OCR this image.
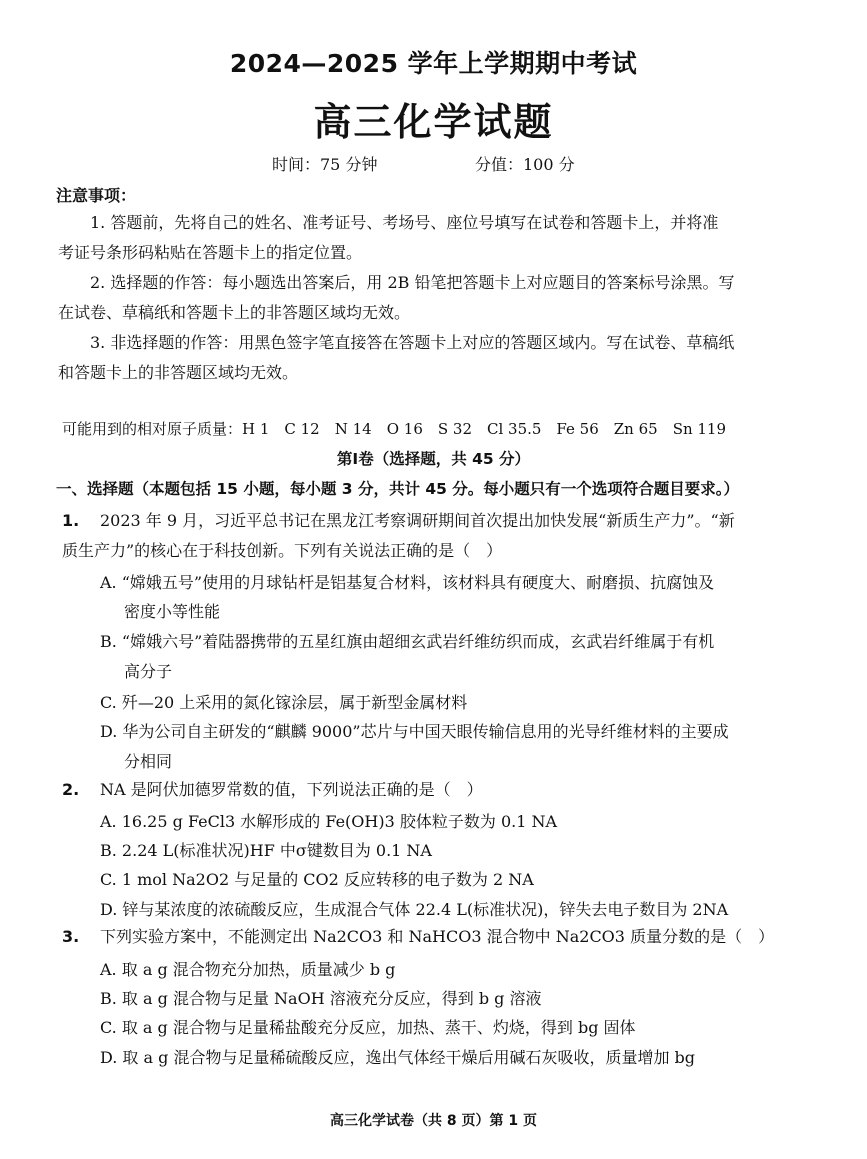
2024—2025 学年上学期期中考试
高三化学试题
时间：75 分钟	分值：100 分
注意事项：
1. 答题前，先将自己的姓名、准考证号、考场号、座位号填写在试卷和答题卡上，并将准
考证号条形码粘贴在答题卡上的指定位置。
2. 选择题的作答：每小题选出答案后，用 2B 铅笔把答题卡上对应题目的答案标号涂黑。写
在试卷、草稿纸和答题卡上的非答题区域均无效。
3. 非选择题的作答：用黑色签字笔直接答在答题卡上对应的答题区域内。写在试卷、草稿纸
和答题卡上的非答题区域均无效。
可能用到的相对原子质量：H 1　C 12　N 14　O 16　S 32　Cl 35.5　Fe 56　Zn 65　Sn 119
第Ⅰ卷（选择题，共 45 分）
一、选择题（本题包括 15 小题，每小题 3 分，共计 45 分。每小题只有一个选项符合题目要求。）
1. 2023 年 9 月，习近平总书记在黑龙江考察调研期间首次提出加快发展“新质生产力”。“新
质生产力”的核心在于科技创新。下列有关说法正确的是（　）
A. “嫦娥五号”使用的月球钻杆是铝基复合材料，该材料具有硬度大、耐磨损、抗腐蚀及
密度小等性能
B. “嫦娥六号”着陆器携带的五星红旗由超细玄武岩纤维纺织而成，玄武岩纤维属于有机
高分子
C. 歼—20 上采用的氮化镓涂层，属于新型金属材料
D. 华为公司自主研发的“麒麟 9000”芯片与中国天眼传输信息用的光导纤维材料的主要成
分相同
2. NA 是阿伏加德罗常数的值，下列说法正确的是（　）
A. 16.25 g FeCl3 水解形成的 Fe(OH)3 胶体粒子数为 0.1 NA
B. 2.24 L(标准状况)HF 中σ键数目为 0.1 NA
C. 1 mol Na2O2 与足量的 CO2 反应转移的电子数为 2 NA
D. 锌与某浓度的浓硫酸反应，生成混合气体 22.4 L(标准状况)，锌失去电子数目为 2NA
3. 下列实验方案中，不能测定出 Na2CO3 和 NaHCO3 混合物中 Na2CO3 质量分数的是（　）
A. 取 a g 混合物充分加热，质量减少 b g
B. 取 a g 混合物与足量 NaOH 溶液充分反应，得到 b g 溶液
C. 取 a g 混合物与足量稀盐酸充分反应，加热、蒸干、灼烧，得到 bg 固体
D. 取 a g 混合物与足量稀硫酸反应，逸出气体经干燥后用碱石灰吸收，质量增加 bg
高三化学试卷（共 8 页）第 1 页
